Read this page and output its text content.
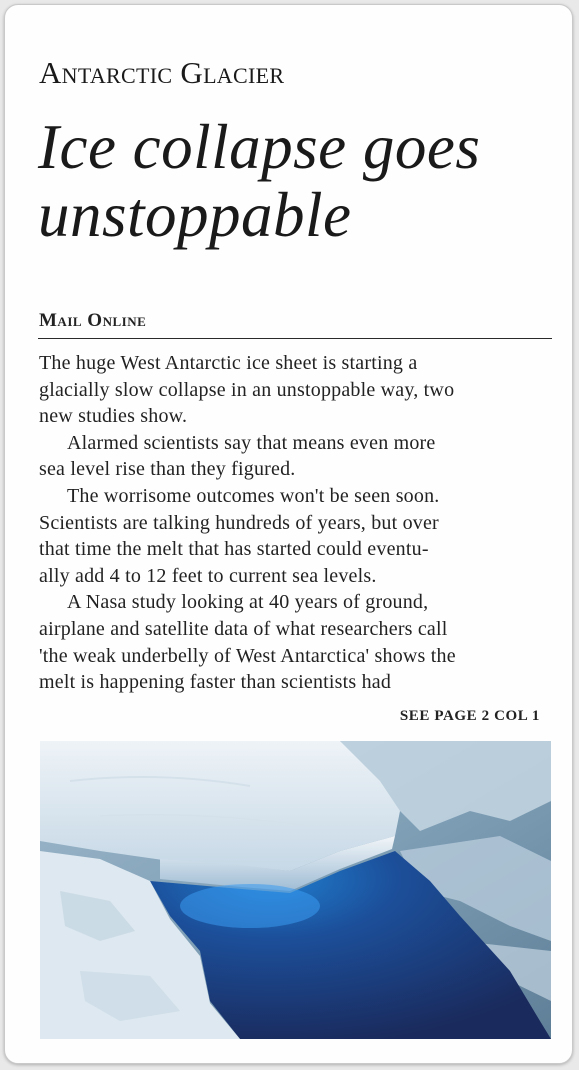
Antarctic Glacier
Ice collapse goes unstoppable
Mail Online

The huge West Antarctic ice sheet is starting a

glacially slow collapse in an unstoppable way, two

new studies show.

Alarmed scientists say that means even more

sea level rise than they figured.

The worrisome outcomes won't be seen soon.

Scientists are talking hundreds of years, but over

that time the melt that has started could eventu-

ally add 4 to 12 feet to current sea levels.

A Nasa study looking at 40 years of ground,

airplane and satellite data of what researchers call

'the weak underbelly of West Antarctica' shows the

melt is happening faster than scientists had

SEE PAGE 2 COL 1
